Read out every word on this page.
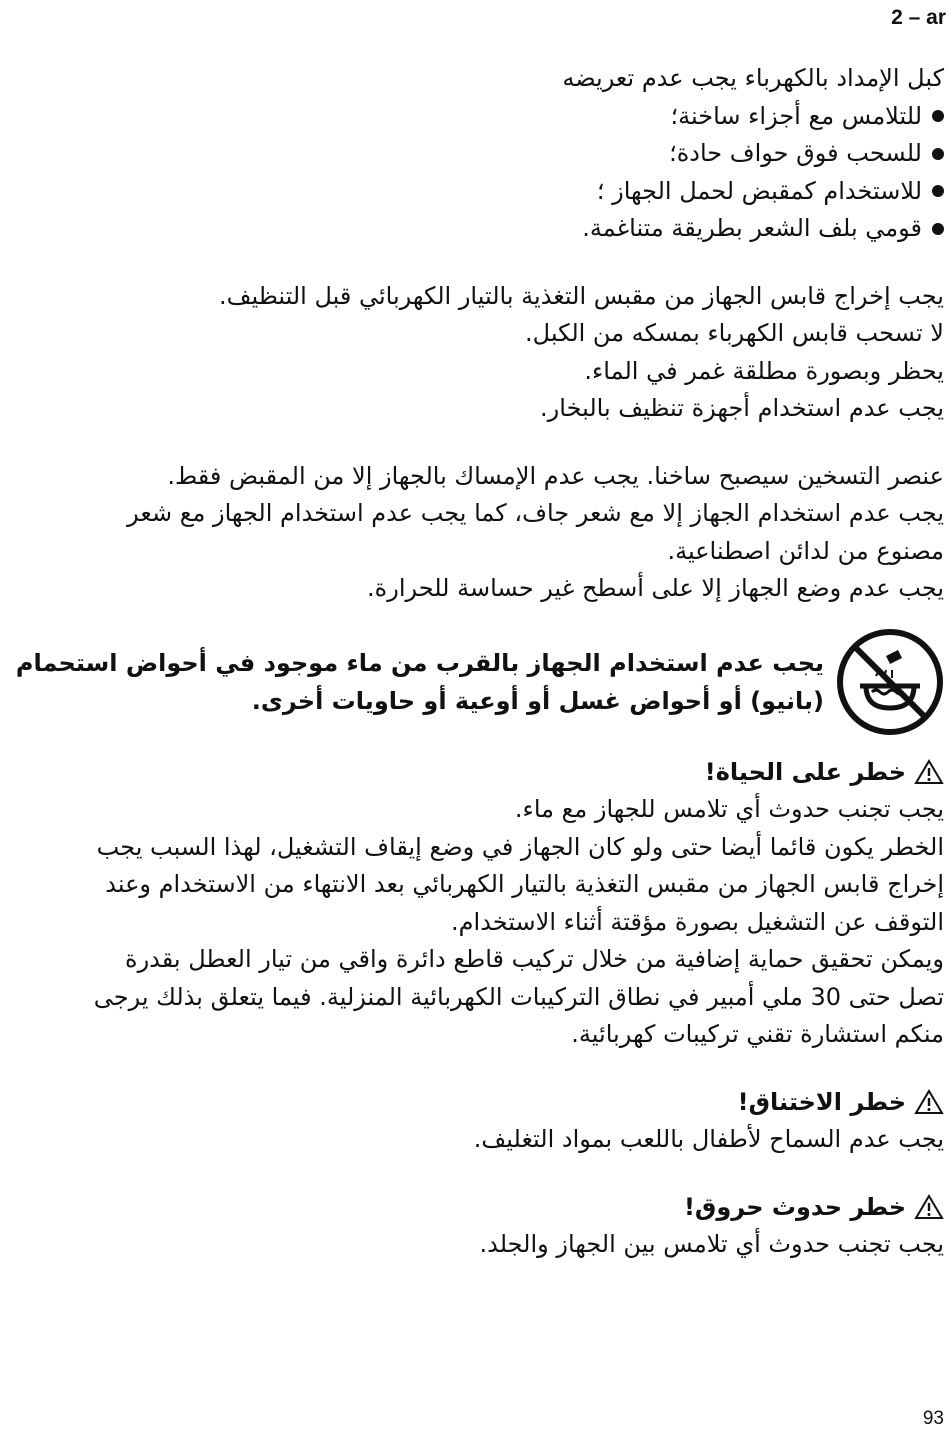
2 – ar
كبل الإمداد بالكهرباء يجب عدم تعريضه
للتلامس مع أجزاء ساخنة؛
للسحب فوق حواف حادة؛
للاستخدام كمقبض لحمل الجهاز ؛
قومي بلف الشعر بطريقة متناغمة.
يجب إخراج قابس الجهاز من مقبس التغذية بالتيار الكهربائي قبل التنظيف.
لا تسحب قابس الكهرباء بمسكه من الكبل.
يحظر وبصورة مطلقة غمر في الماء.
يجب عدم استخدام أجهزة تنظيف بالبخار.
عنصر التسخين سيصبح ساخنا. يجب عدم الإمساك بالجهاز إلا من المقبض فقط.
يجب عدم استخدام الجهاز إلا مع شعر جاف، كما يجب عدم استخدام الجهاز مع شعر
مصنوع من لدائن اصطناعية.
يجب عدم وضع الجهاز إلا على أسطح غير حساسة للحرارة.
يجب عدم استخدام الجهاز بالقرب من ماء موجود في أحواض استحمام
(بانيو) أو أحواض غسل أو أوعية أو حاويات أخرى.
خطر على الحياة!
يجب تجنب حدوث أي تلامس للجهاز مع ماء.
الخطر يكون قائما أيضا حتى ولو كان الجهاز في وضع إيقاف التشغيل، لهذا السبب يجب
إخراج قابس الجهاز من مقبس التغذية بالتيار الكهربائي بعد الانتهاء من الاستخدام وعند
التوقف عن التشغيل بصورة مؤقتة أثناء الاستخدام.
ويمكن تحقيق حماية إضافية من خلال تركيب قاطع دائرة واقي من تيار العطل بقدرة
تصل حتى 30 ملي أمبير في نطاق التركيبات الكهربائية المنزلية. فيما يتعلق بذلك يرجى
منكم استشارة تقني تركيبات كهربائية.
خطر الاختناق!
يجب عدم السماح لأطفال باللعب بمواد التغليف.
خطر حدوث حروق!
يجب تجنب حدوث أي تلامس بين الجهاز والجلد.
93
